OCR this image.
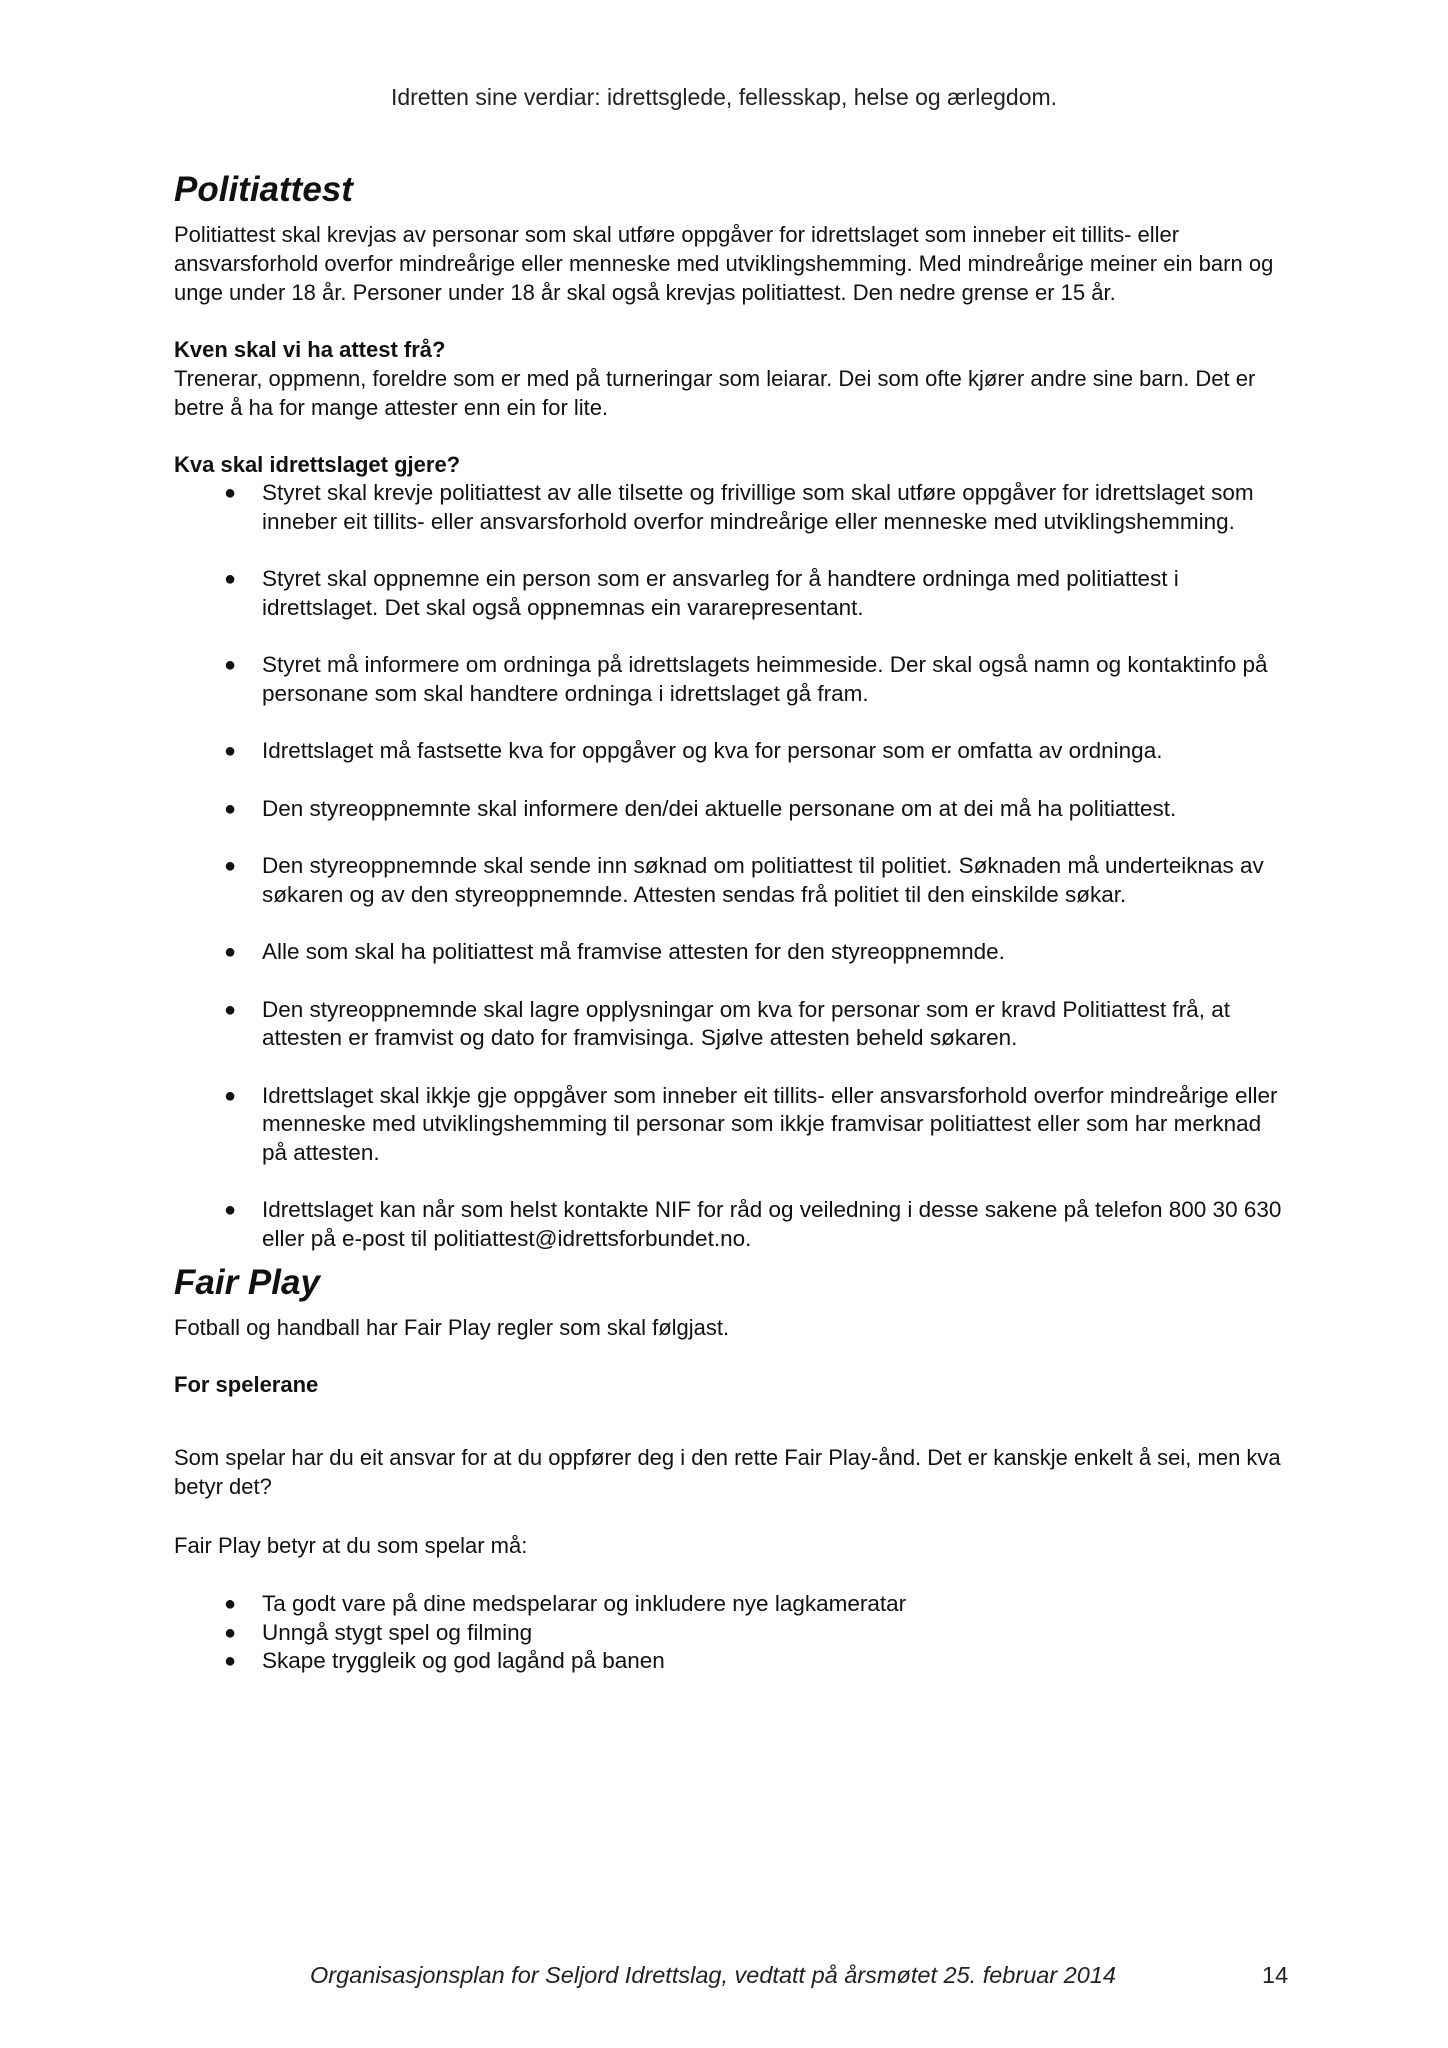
Idretten sine verdiar: idrettsglede, fellesskap, helse og ærlegdom.
Politiattest

Politiattest skal krevjas av personar som skal utføre oppgåver for idrettslaget som inneber eit tillits- eller ansvarsforhold overfor mindreårige eller menneske med utviklingshemming. Med mindreårige meiner ein barn og unge under 18 år. Personer under 18 år skal også krevjas politiattest. Den nedre grense er 15 år.

Kven skal vi ha attest frå?

Trenerar, oppmenn, foreldre som er med på turneringar som leiarar. Dei som ofte kjører andre sine barn. Det er betre å ha for mange attester enn ein for lite.

Kva skal idrettslaget gjere?

● Styret skal krevje politiattest av alle tilsette og frivillige som skal utføre oppgåver for idrettslaget som inneber eit tillits- eller ansvarsforhold overfor mindreårige eller menneske med utviklingshemming.
● Styret skal oppnemne ein person som er ansvarleg for å handtere ordninga med politiattest i idrettslaget. Det skal også oppnemnas ein vararepresentant.
● Styret må informere om ordninga på idrettslagets heimmeside. Der skal også namn og kontaktinfo på personane som skal handtere ordninga i idrettslaget gå fram.
● Idrettslaget må fastsette kva for oppgåver og kva for personar som er omfatta av ordninga.
● Den styreoppnemnte skal informere den/dei aktuelle personane om at dei må ha politiattest.
● Den styreoppnemnde skal sende inn søknad om politiattest til politiet. Søknaden må underteiknas av søkaren og av den styreoppnemnde. Attesten sendas frå politiet til den einskilde søkar.
● Alle som skal ha politiattest må framvise attesten for den styreoppnemnde.
● Den styreoppnemnde skal lagre opplysningar om kva for personar som er kravd Politiattest frå, at attesten er framvist og dato for framvisinga. Sjølve attesten beheld søkaren.
● Idrettslaget skal ikkje gje oppgåver som inneber eit tillits- eller ansvarsforhold overfor mindreårige eller menneske med utviklingshemming til personar som ikkje framvisar politiattest eller som har merknad på attesten.
● Idrettslaget kan når som helst kontakte NIF for råd og veiledning i desse sakene på telefon 800 30 630 eller på e-post til politiattest@idrettsforbundet.no.
Fair Play

Fotball og handball har Fair Play regler som skal følgjast.

For spelerane

Som spelar har du eit ansvar for at du oppfører deg i den rette Fair Play-ånd. Det er kanskje enkelt å sei, men kva betyr det?

Fair Play betyr at du som spelar må:

● Ta godt vare på dine medspelarar og inkludere nye lagkameratar
● Unngå stygt spel og filming
● Skape tryggleik og god lagånd på banen
Organisasjonsplan for Seljord Idrettslag, vedtatt på årsmøtet 25. februar 2014	14
